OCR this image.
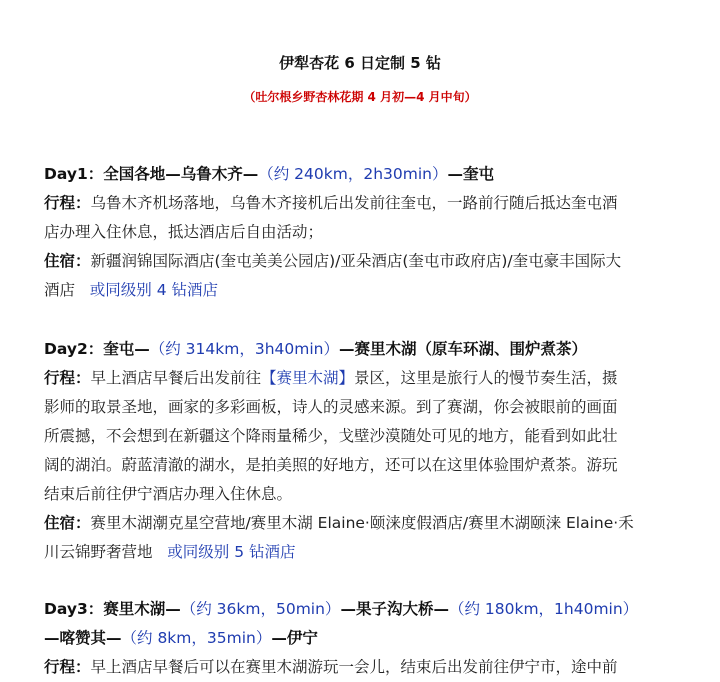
伊犁杏花 6 日定制 5 钻
（吐尔根乡野杏林花期 4 月初—4 月中旬）
Day1：全国各地—乌鲁木齐—（约 240km，2h30min）—奎屯
行程：乌鲁木齐机场落地，乌鲁木齐接机后出发前往奎屯，一路前行随后抵达奎屯酒
店办理入住休息，抵达酒店后自由活动；
住宿：新疆润锦国际酒店(奎屯美美公园店)/亚朵酒店(奎屯市政府店)/奎屯豪丰国际大
酒店 或同级别 4 钻酒店
Day2：奎屯—（约 314km，3h40min）—赛里木湖（原车环湖、围炉煮茶）
行程：早上酒店早餐后出发前往【赛里木湖】景区，这里是旅行人的慢节奏生活，摄
影师的取景圣地，画家的多彩画板，诗人的灵感来源。到了赛湖，你会被眼前的画面
所震撼，不会想到在新疆这个降雨量稀少，戈壁沙漠随处可见的地方，能看到如此壮
阔的湖泊。蔚蓝清澈的湖水，是拍美照的好地方，还可以在这里体验围炉煮茶。游玩
结束后前往伊宁酒店办理入住休息。
住宿：赛里木湖潮克星空营地/赛里木湖 Elaine·颐涞度假酒店/赛里木湖颐涞 Elaine·禾
川云锦野奢营地 或同级别 5 钻酒店
Day3：赛里木湖—（约 36km，50min）—果子沟大桥—（约 180km，1h40min）
—喀赞其—（约 8km，35min）—伊宁
行程：早上酒店早餐后可以在赛里木湖游玩一会儿，结束后出发前往伊宁市，途中前
